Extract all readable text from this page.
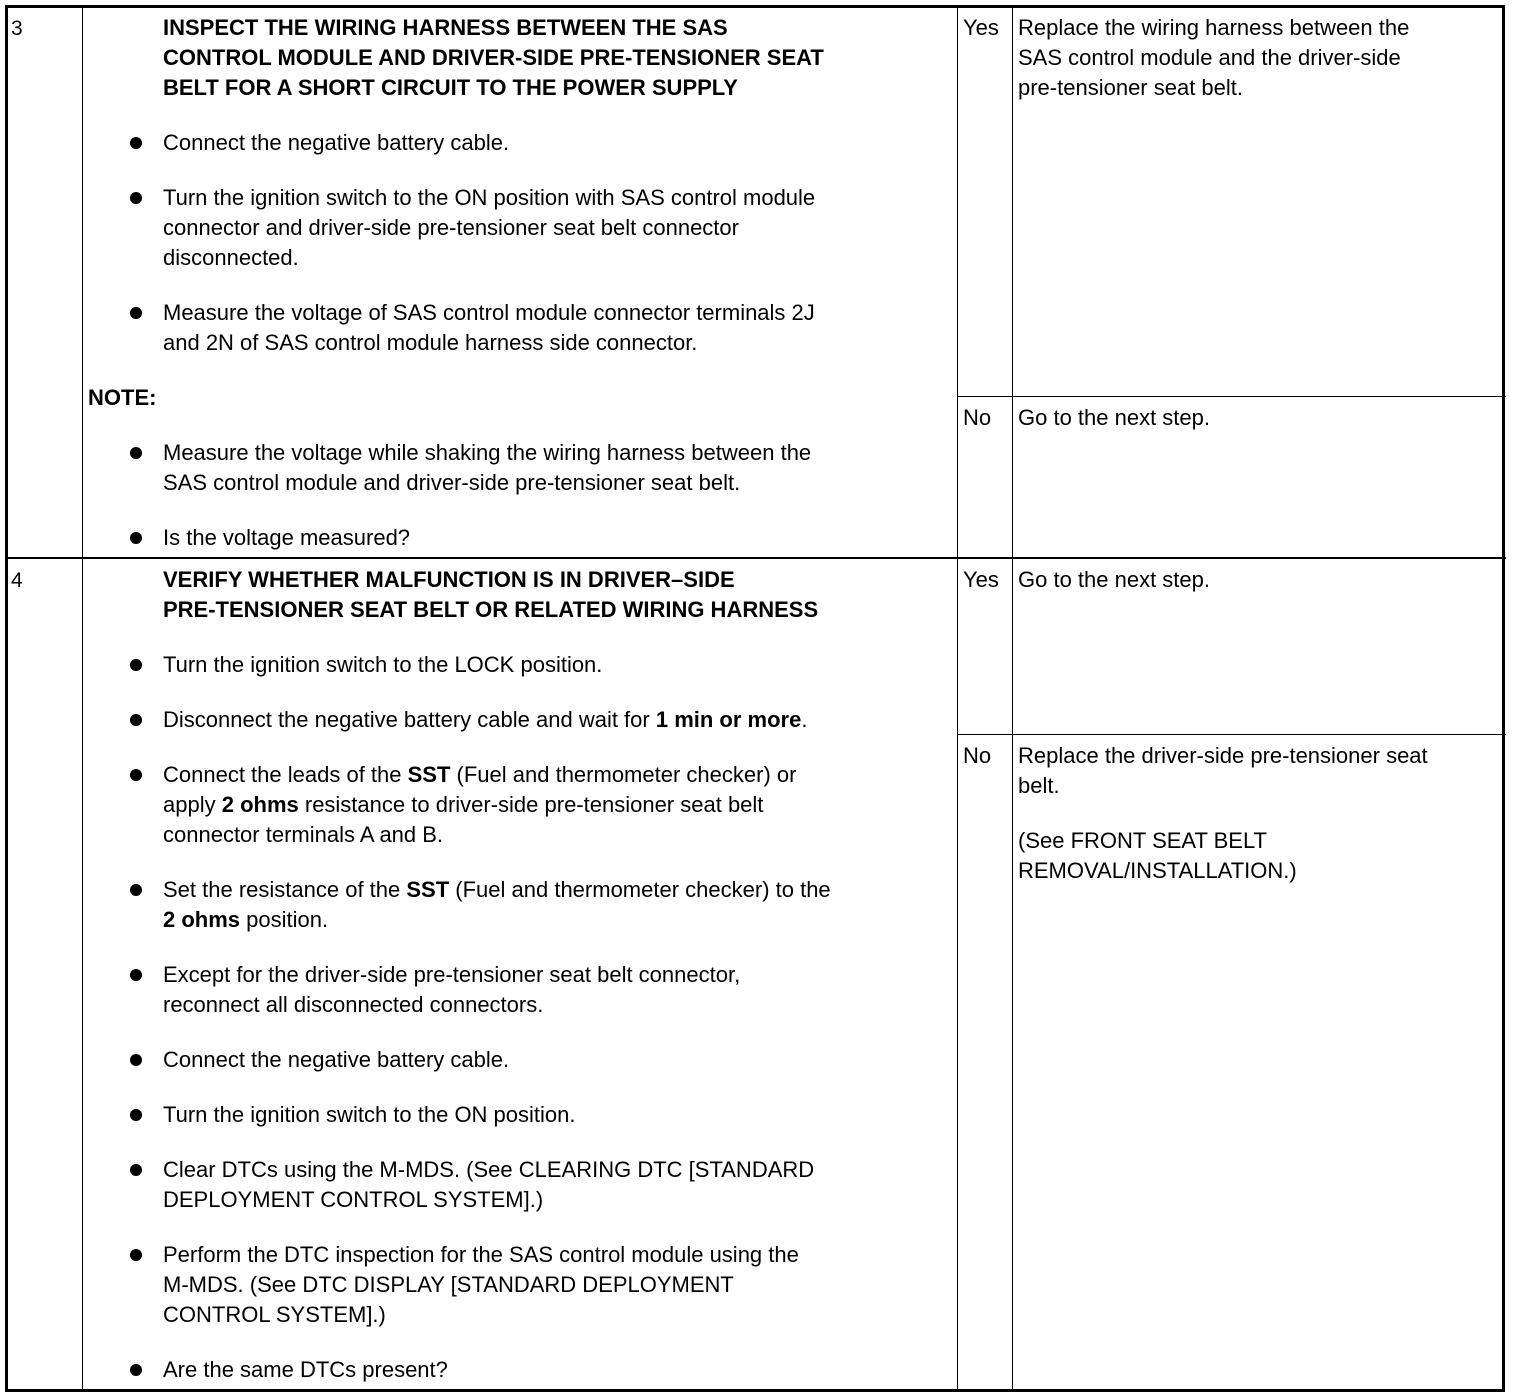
3	INSPECT THE WIRING HARNESS BETWEEN THE SAS
CONTROL MODULE AND DRIVER-SIDE PRE-TENSIONER SEAT
BELT FOR A SHORT CIRCUIT TO THE POWER SUPPLY
Connect the negative battery cable.
Turn the ignition switch to the ON position with SAS control module
connector and driver-side pre-tensioner seat belt connector
disconnected.
Measure the voltage of SAS control module connector terminals 2J
and 2N of SAS control module harness side connector.
NOTE:
Measure the voltage while shaking the wiring harness between the
SAS control module and driver-side pre-tensioner seat belt.
Is the voltage measured?
Yes Replace the wiring harness between the
SAS control module and the driver-side
pre-tensioner seat belt.
No Go to the next step.
4	VERIFY WHETHER MALFUNCTION IS IN DRIVER–SIDE
PRE-TENSIONER SEAT BELT OR RELATED WIRING HARNESS
Turn the ignition switch to the LOCK position.
Disconnect the negative battery cable and wait for 1 min or more.
Connect the leads of the SST (Fuel and thermometer checker) or
apply 2 ohms resistance to driver-side pre-tensioner seat belt
connector terminals A and B.
Set the resistance of the SST (Fuel and thermometer checker) to the
2 ohms position.
Except for the driver-side pre-tensioner seat belt connector,
reconnect all disconnected connectors.
Connect the negative battery cable.
Turn the ignition switch to the ON position.
Clear DTCs using the M-MDS. (See CLEARING DTC [STANDARD
DEPLOYMENT CONTROL SYSTEM].)
Perform the DTC inspection for the SAS control module using the
M-MDS. (See DTC DISPLAY [STANDARD DEPLOYMENT
CONTROL SYSTEM].)
Are the same DTCs present?
Yes Go to the next step.
No Replace the driver-side pre-tensioner seat
belt.
(See FRONT SEAT BELT
REMOVAL/INSTALLATION.)
